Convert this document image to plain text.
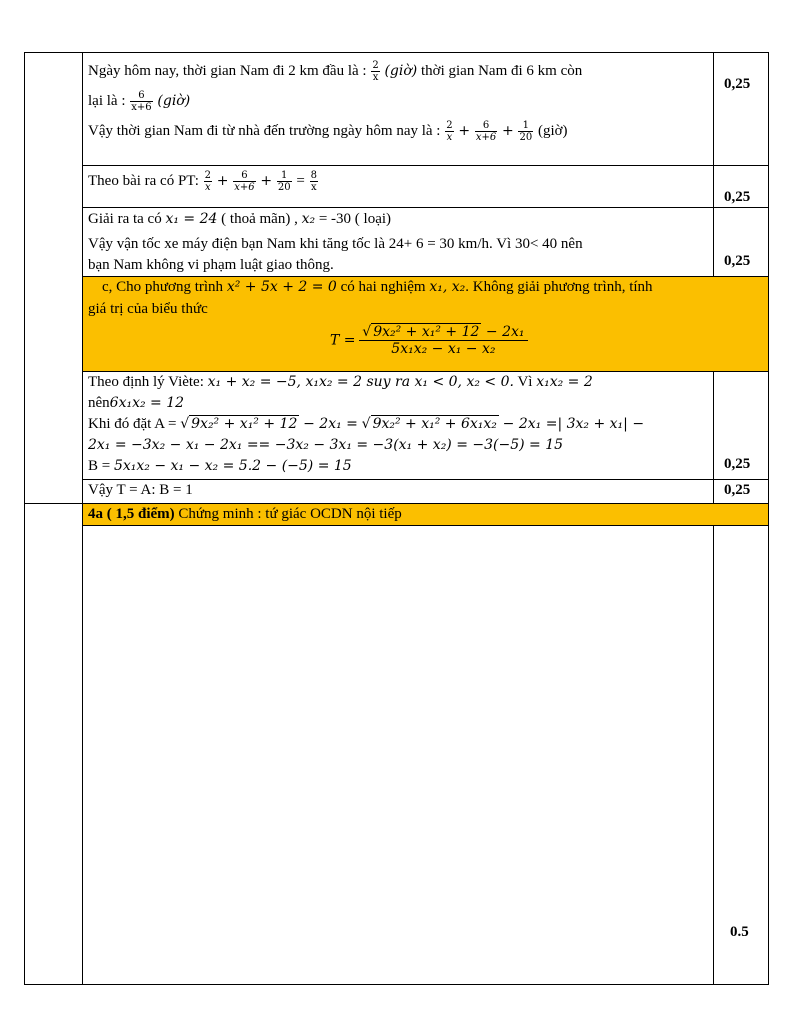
Ngày hôm nay, thời gian Nam đi 2 km đầu là : $\frac{2}{x}$ (giờ) thời gian Nam đi 6 km còn
lại là : $\frac{6}{x+6}$ (giờ)
Vậy thời gian Nam đi từ nhà đến trường ngày hôm nay là : $\frac{2}{x} + \frac{6}{x+6} + \frac{1}{20}$ (giờ)
0,25
Theo bài ra có PT: $\frac{2}{x} + \frac{6}{x+6} + \frac{1}{20} = \frac{8}{x}$
0,25
Giải ra ta có x₁ = 24 ( thoả mãn) , x₂ = -30 ( loại)
Vậy vận tốc xe máy điện bạn Nam khi tăng tốc là 24+ 6 = 30 km/h. Vì 30< 40 nên
bạn Nam không vi phạm luật giao thông.	0,25
c, Cho phương trình x² + 5x + 2 = 0 có hai nghiệm x₁, x₂. Không giải phương trình, tính
giá trị của biểu thức
$T = \frac{\text{√ 9x₂² + x₁² + 12 − 2x₁}}{\text{5x₁x₂ − x₁ − x₂}}$
Theo định lý Viète: x₁ + x₂ = −5, x₁x₂ = 2 suy ra x₁ < 0, x₂ < 0. Vì x₁x₂ = 2
nên6x₁x₂ = 12
Khi đó đặt A = √ 9x₂² + x₁² + 12 − 2x₁ = √ 9x₂² + x₁² + 6x₁x₂ − 2x₁ =| 3x₂ + x₁| −
2x₁ = −3x₂ − x₁ − 2x₁ == −3x₂ − 3x₁ = −3(x₁ + x₂) = −3(−5) = 15
B = 5x₁x₂ − x₁ − x₂ = 5.2 − (−5) = 15	0,25
Vậy T = A: B = 1	0,25
4a ( 1,5 điểm) Chứng minh : tứ giác OCDN nội tiếp
0.5
